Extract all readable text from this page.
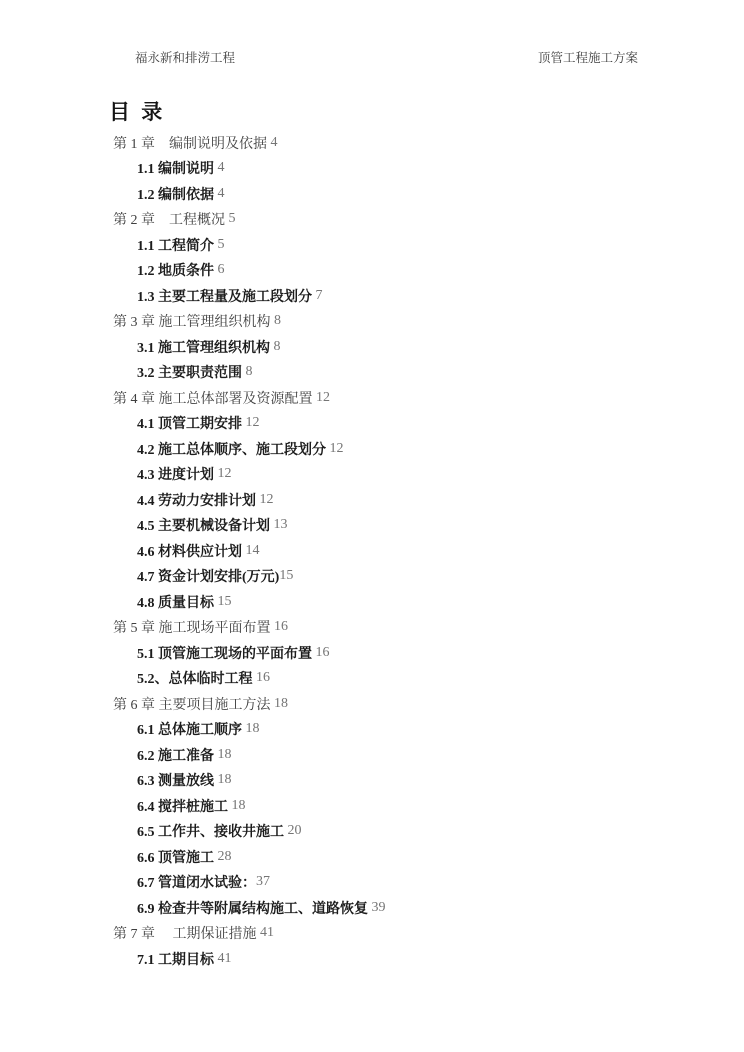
福永新和排涝工程	顶管工程施工方案
目 录
第 1 章　编制说明及依据
4
1.1 编制说明
4
1.2 编制依据
4
第 2 章　工程概况
5
1.1 工程简介
5
1.2 地质条件
6
1.3 主要工程量及施工段划分
7
第 3 章 施工管理组织机构
8
3.1 施工管理组织机构
8
3.2 主要职责范围
8
第 4 章 施工总体部署及资源配置
12
4.1 顶管工期安排
12
4.2 施工总体顺序、施工段划分
12
4.3 进度计划
12
4.4 劳动力安排计划
12
4.5 主要机械设备计划
13
4.6 材料供应计划
14
4.7 资金计划安排(万元) 15
4.8 质量目标
15
第 5 章 施工现场平面布置
16
5.1 顶管施工现场的平面布置
16
5.2、总体临时工程
16
第 6 章 主要项目施工方法
18
6.1 总体施工顺序
18
6.2 施工准备
18
6.3 测量放线
18
6.4 搅拌桩施工
18
6.5 工作井、接收井施工
20
6.6 顶管施工
28
6.7 管道闭水试验： 37
6.9 检查井等附属结构施工、道路恢复
39
第 7 章　 工期保证措施
41
7.1 工期目标
41
